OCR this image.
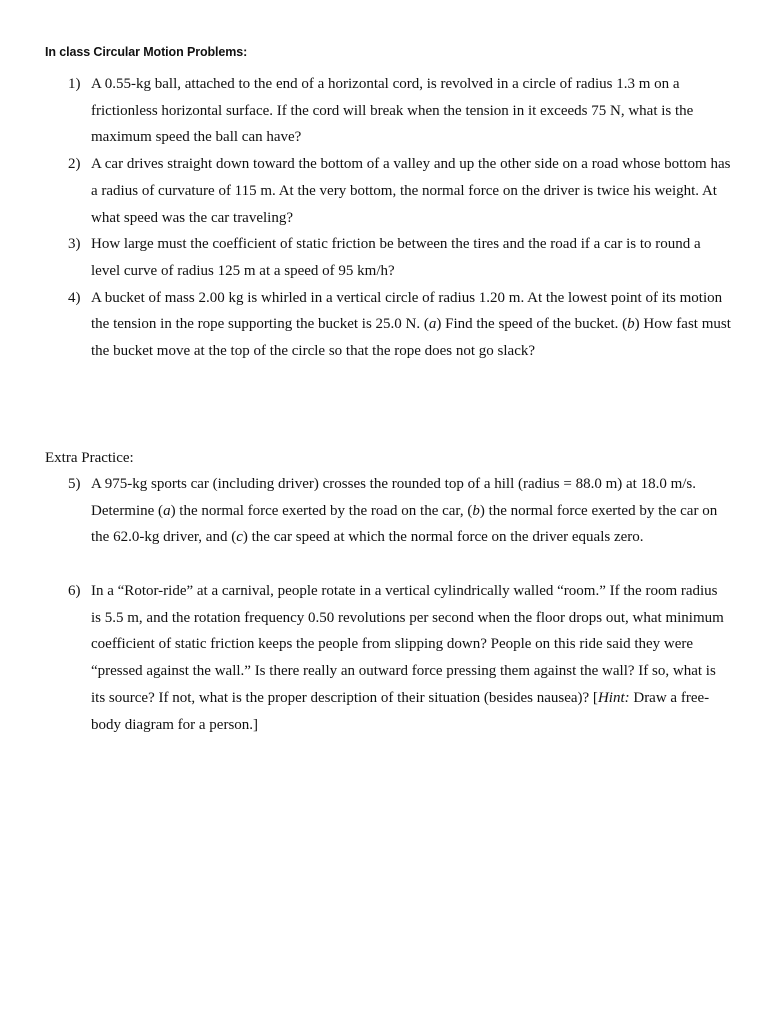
In class Circular Motion Problems:
1) A 0.55-kg ball, attached to the end of a horizontal cord, is revolved in a circle of radius 1.3 m on a frictionless horizontal surface. If the cord will break when the tension in it exceeds 75 N, what is the maximum speed the ball can have?
2) A car drives straight down toward the bottom of a valley and up the other side on a road whose bottom has a radius of curvature of 115 m. At the very bottom, the normal force on the driver is twice his weight. At what speed was the car traveling?
3) How large must the coefficient of static friction be between the tires and the road if a car is to round a level curve of radius 125 m at a speed of 95 km/h?
4) A bucket of mass 2.00 kg is whirled in a vertical circle of radius 1.20 m. At the lowest point of its motion the tension in the rope supporting the bucket is 25.0 N. (a) Find the speed of the bucket. (b) How fast must the bucket move at the top of the circle so that the rope does not go slack?
Extra Practice:
5) A 975-kg sports car (including driver) crosses the rounded top of a hill (radius = 88.0 m) at 18.0 m/s. Determine (a) the normal force exerted by the road on the car, (b) the normal force exerted by the car on the 62.0-kg driver, and (c) the car speed at which the normal force on the driver equals zero.
6) In a “Rotor-ride” at a carnival, people rotate in a vertical cylindrically walled “room.” If the room radius is 5.5 m, and the rotation frequency 0.50 revolutions per second when the floor drops out, what minimum coefficient of static friction keeps the people from slipping down? People on this ride said they were “pressed against the wall.” Is there really an outward force pressing them against the wall? If so, what is its source? If not, what is the proper description of their situation (besides nausea)? [Hint: Draw a free-body diagram for a person.]
